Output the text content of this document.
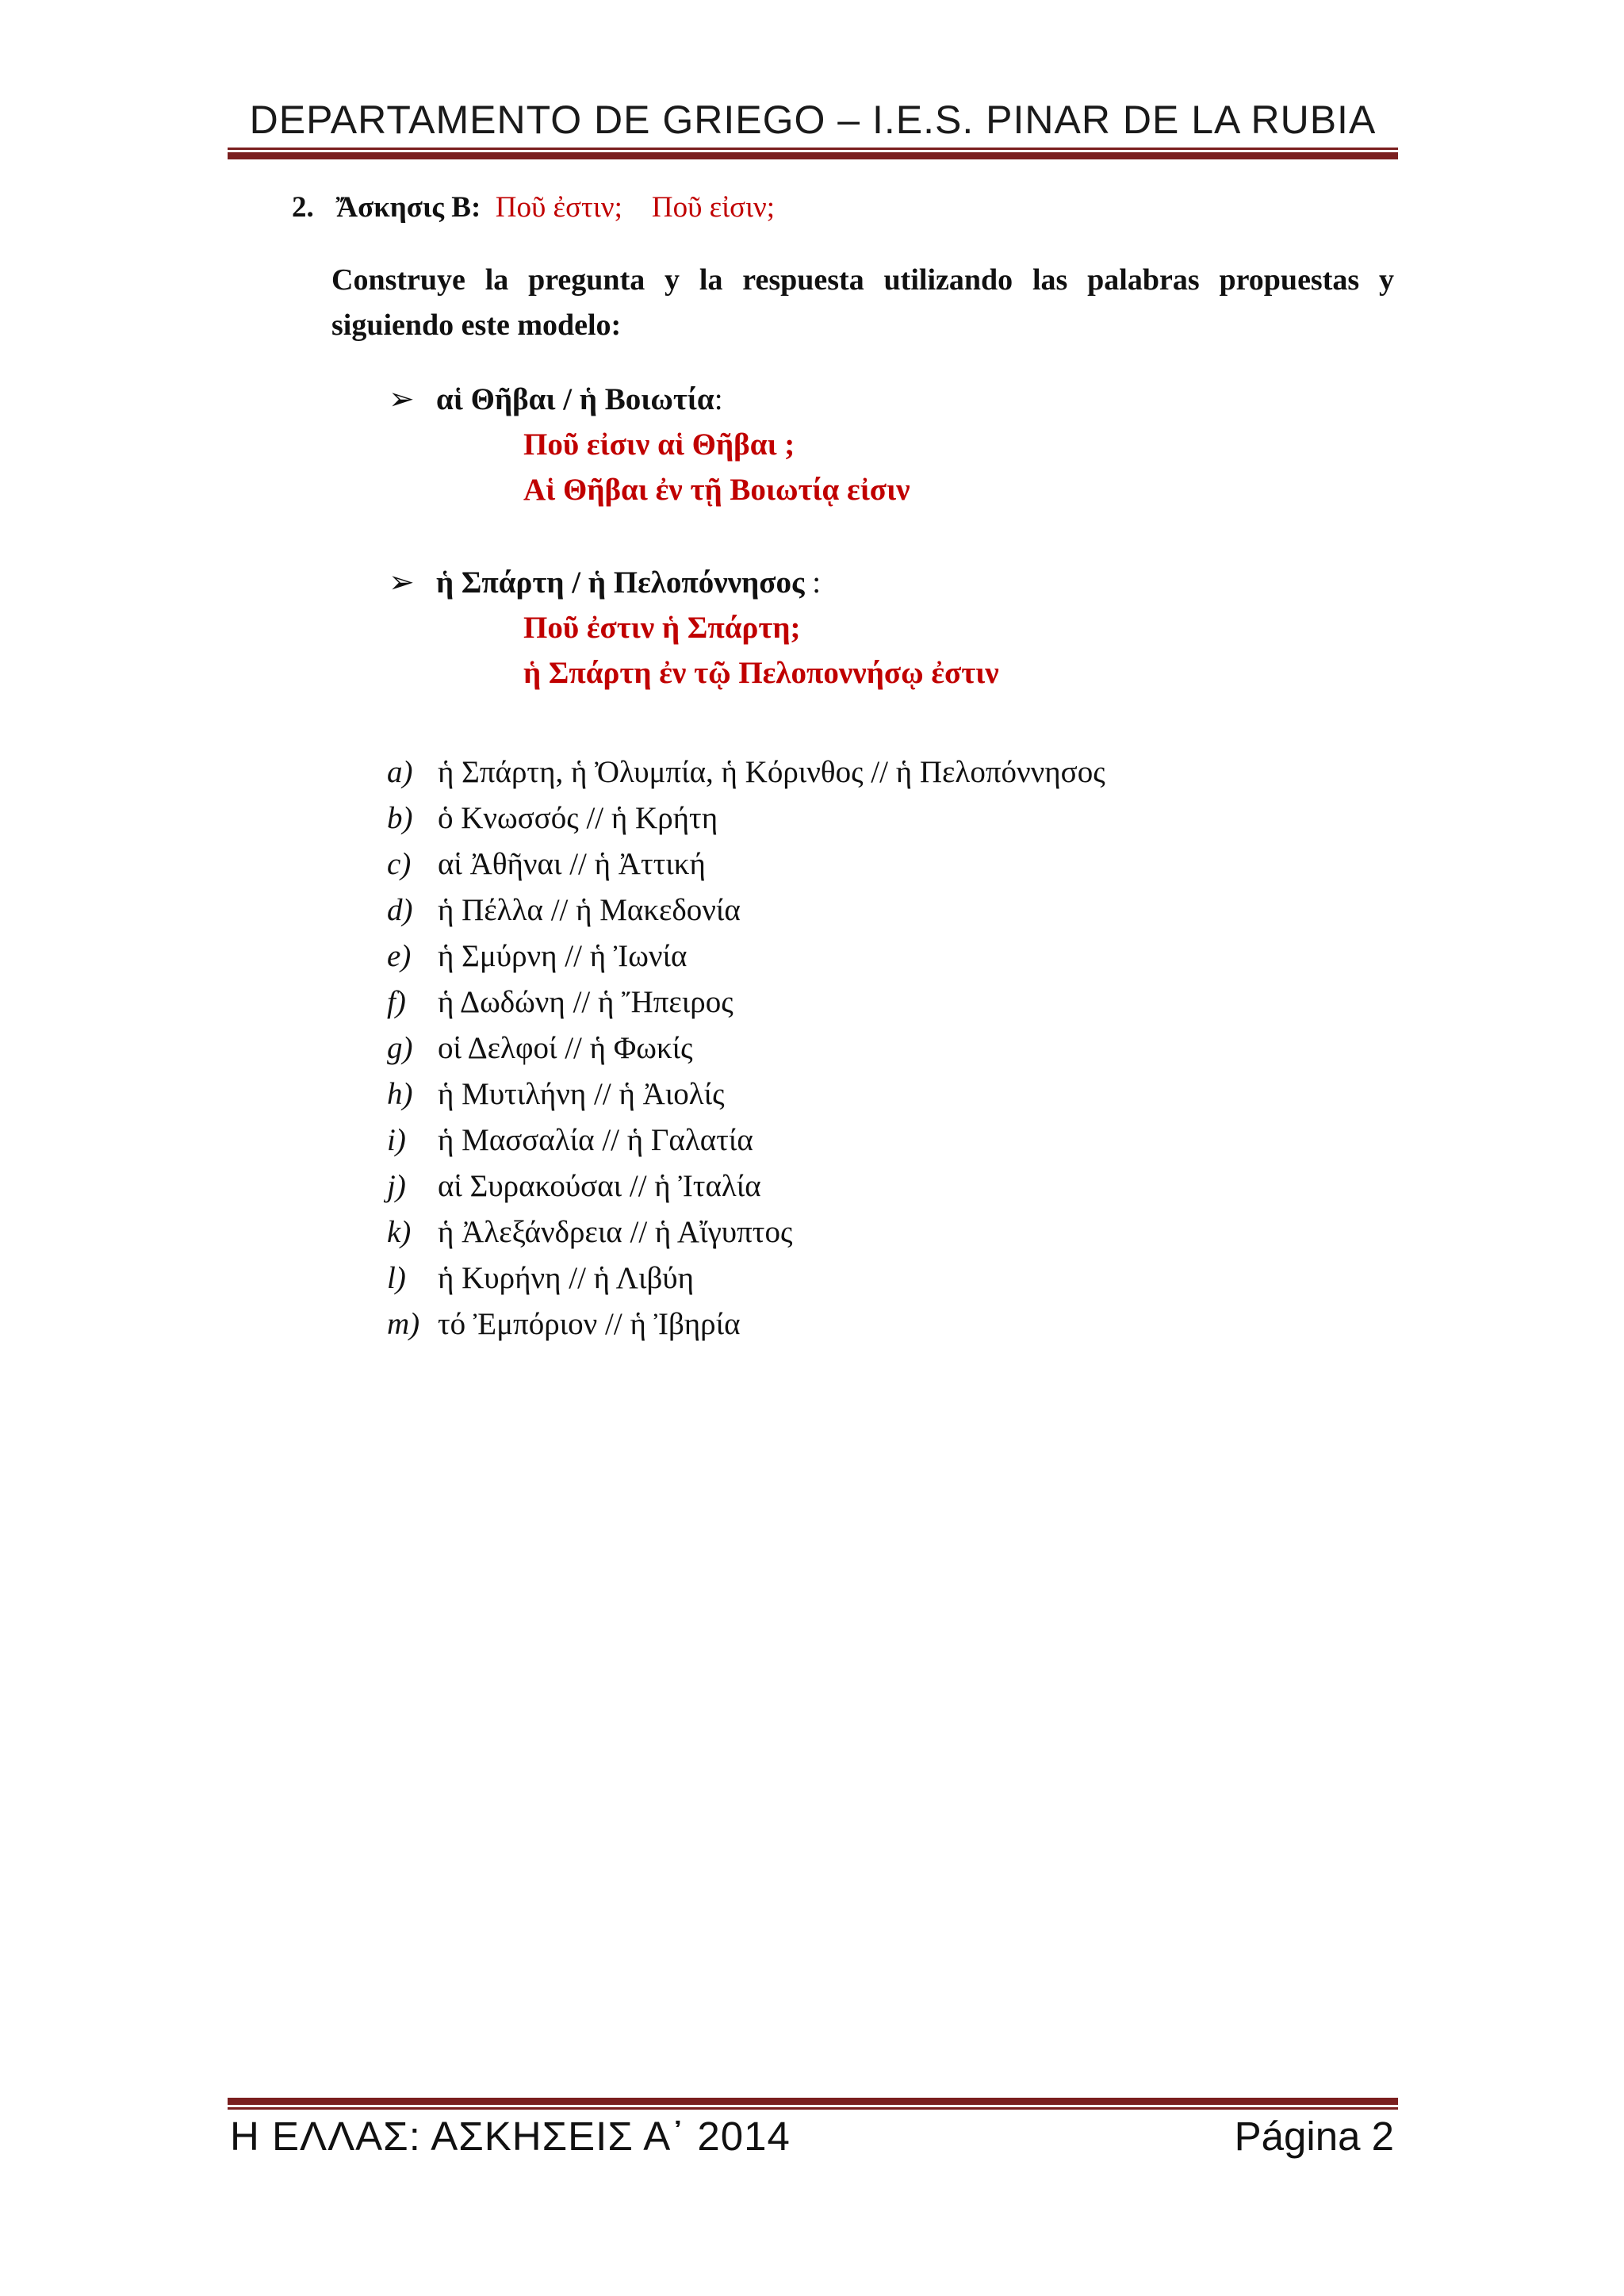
DEPARTAMENTO DE GRIEGO – I.E.S. PINAR DE LA RUBIA
2. Ἄσκησις Β: Ποῦ ἐστιν; Ποῦ εἰσιν;
Construye la pregunta y la respuesta utilizando las palabras propuestas y siguiendo este modelo:
➢ αἱ Θῆβαι / ἡ Βοιωτία:
Ποῦ εἰσιν αἱ Θῆβαι ;
Αἱ Θῆβαι ἐν τῇ Βοιωτίᾳ εἰσιν
➢ ἡ Σπάρτη / ἡ Πελοπόννησος :
Ποῦ ἐστιν ἡ Σπάρτη;
ἡ Σπάρτη ἐν τῷ Πελοποννήσῳ ἐστιν
a) ἡ Σπάρτη, ἡ Ὀλυμπία, ἡ Κόρινθος // ἡ Πελοπόννησος
b) ὁ Κνωσσός // ἡ Κρήτη
c) αἱ Ἀθῆναι // ἡ Ἀττική
d) ἡ Πέλλα // ἡ Μακεδονία
e) ἡ Σμύρνη // ἡ Ἰωνία
f) ἡ Δωδώνη // ἡ Ἤπειρος
g) οἱ Δελφοί // ἡ Φωκίς
h) ἡ Μυτιλήνη // ἡ Ἀιολίς
i) ἡ Μασσαλία // ἡ Γαλατία
j) αἱ Συρακούσαι // ἡ Ἰταλία
k) ἡ Ἀλεξάνδρεια // ἡ Αἴγυπτος
l) ἡ Κυρήνη // ἡ Λιβύη
m) τό Ἐμπόριον // ἡ Ἰβηρία
Η ΕΛΛΑΣ: ΑΣΚΗΣΕΙΣ Α᾿ 2014	Página 2
